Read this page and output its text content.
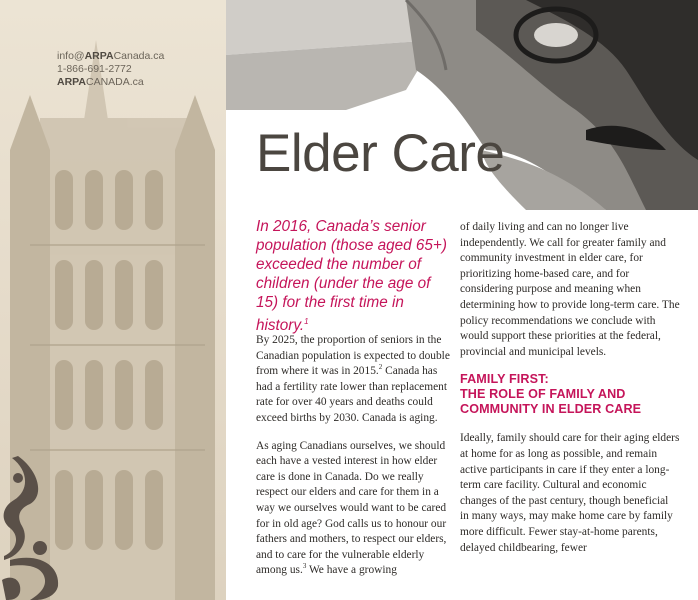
info@ARPACanada.ca
1-866-691-2772
ARPACANADA.ca
Elder Care

In 2016, Canada’s senior population (those aged 65+) exceeded the number of children (under the age of 15) for the first time in history.$^1$

By 2025, the proportion of seniors in the Canadian population is expected to double from where it was in 2015.$^2$ Canada has had a fertility rate lower than replacement rate for over 40 years and deaths could exceed births by 2030. Canada is aging.

As aging Canadians ourselves, we should each have a vested interest in how elder care is done in Canada. Do we really respect our elders and care for them in a way we ourselves would want to be cared for in old age? God calls us to honour our fathers and mothers, to respect our elders, and to care for the vulnerable elderly among us.$^3$ We have a growing

of daily living and can no longer live independently. We call for greater family and community investment in elder care, for prioritizing home-based care, and for considering purpose and meaning when determining how to provide long-term care. The policy recommendations we conclude with would support these priorities at the federal, provincial and municipal levels.

FAMILY FIRST:
THE ROLE OF FAMILY AND COMMUNITY IN ELDER CARE

Ideally, family should care for their aging elders at home for as long as possible, and remain active participants in care if they enter a long-term care facility. Cultural and economic changes of the past century, though beneficial in many ways, may make home care by family more difficult. Fewer stay-at-home parents, delayed childbearing, fewer
